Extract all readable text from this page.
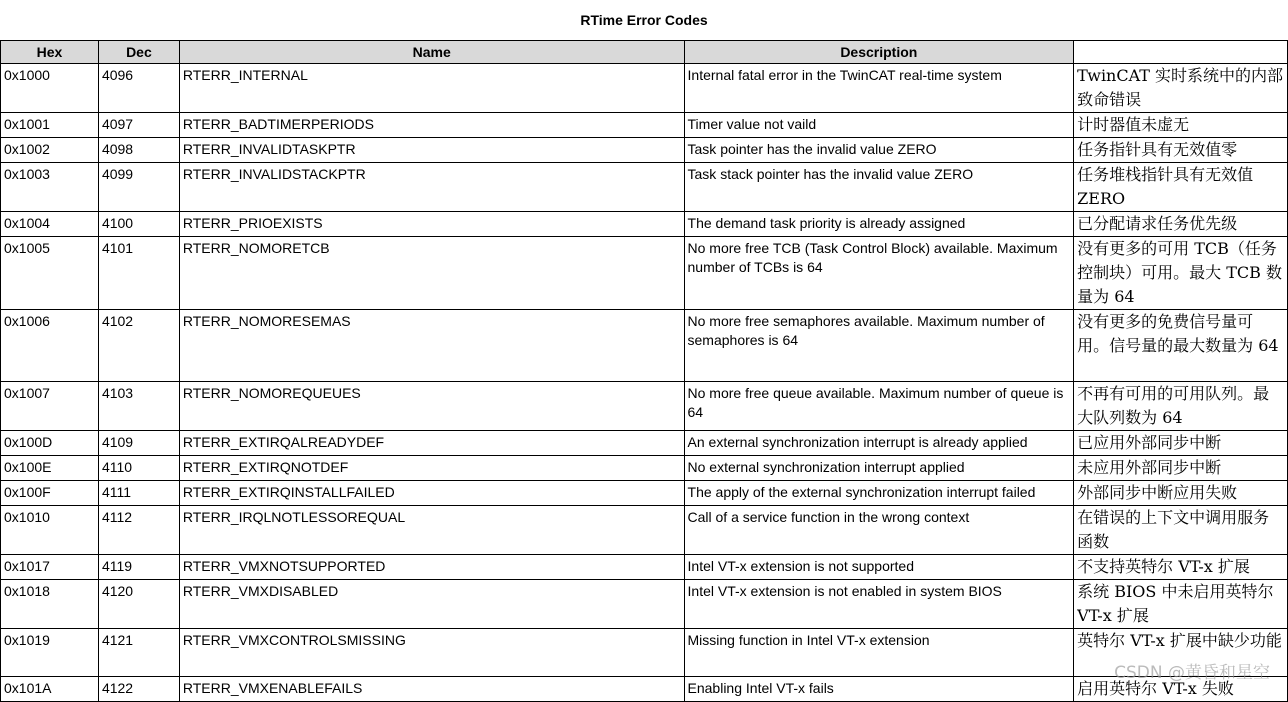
RTime Error Codes
Hex	Dec	Name	Description	
0x1000	4096	RTERR_INTERNAL	Internal fatal error in the TwinCAT real-time system	TwinCAT 实时系统中的内部致命错误
0x1001	4097	RTERR_BADTIMERPERIODS	Timer value not vaild	计时器值未虚无
0x1002	4098	RTERR_INVALIDTASKPTR	Task pointer has the invalid value ZERO	任务指针具有无效值零
0x1003	4099	RTERR_INVALIDSTACKPTR	Task stack pointer has the invalid value ZERO	任务堆栈指针具有无效值 ZERO
0x1004	4100	RTERR_PRIOEXISTS	The demand task priority is already assigned	已分配请求任务优先级
0x1005	4101	RTERR_NOMORETCB	No more free TCB (Task Control Block) available. Maximum number of TCBs is 64	没有更多的可用 TCB（任务控制块）可用。最大 TCB 数量为 64
0x1006	4102	RTERR_NOMORESEMAS	No more free semaphores available. Maximum number of semaphores is 64	没有更多的免费信号量可用。信号量的最大数量为 64
0x1007	4103	RTERR_NOMOREQUEUES	No more free queue available. Maximum number of queue is 64	不再有可用的可用队列。最大队列数为 64
0x100D	4109	RTERR_EXTIRQALREADYDEF	An external synchronization interrupt is already applied	已应用外部同步中断
0x100E	4110	RTERR_EXTIRQNOTDEF	No external synchronization interrupt applied	未应用外部同步中断
0x100F	4111	RTERR_EXTIRQINSTALLFAILED	The apply of the external synchronization interrupt failed	外部同步中断应用失败
0x1010	4112	RTERR_IRQLNOTLESSOREQUAL	Call of a service function in the wrong context	在错误的上下文中调用服务函数
0x1017	4119	RTERR_VMXNOTSUPPORTED	Intel VT-x extension is not supported	不支持英特尔 VT-x 扩展
0x1018	4120	RTERR_VMXDISABLED	Intel VT-x extension is not enabled in system BIOS	系统 BIOS 中未启用英特尔 VT-x 扩展
0x1019	4121	RTERR_VMXCONTROLSMISSING	Missing function in Intel VT-x extension	英特尔 VT-x 扩展中缺少功能
0x101A	4122	RTERR_VMXENABLEFAILS	Enabling Intel VT-x fails	启用英特尔 VT-x 失败
CSDN @黄昏和星空
